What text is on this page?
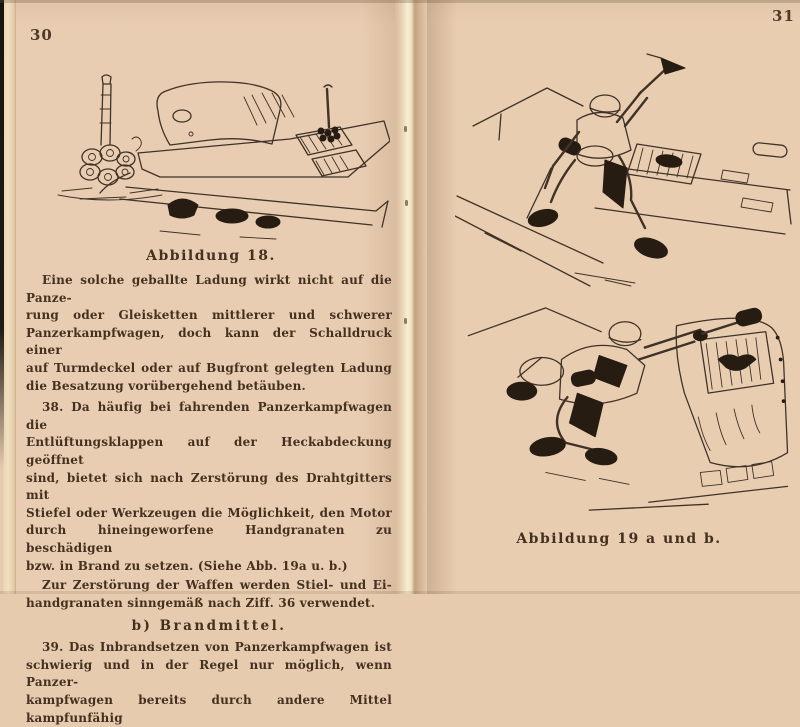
30
Abbildung 18.

Eine solche geballte Ladung wirkt nicht auf die Panze-
rung oder Gleisketten mittlerer und schwerer
Panzerkampfwagen, doch kann der Schalldruck einer
auf Turmdeckel oder auf Bugfront gelegten Ladung
die Besatzung vorübergehend betäuben.

38. Da häufig bei fahrenden Panzerkampfwagen die
Entlüftungsklappen auf der Heckabdeckung geöffnet
sind, bietet sich nach Zerstörung des Drahtgitters mit
Stiefel oder Werkzeugen die Möglichkeit, den Motor
durch hineingeworfene Handgranaten zu beschädigen
bzw. in Brand zu setzen. (Siehe Abb. 19a u. b.)

Zur Zerstörung der Waffen werden Stiel- und Ei-
handgranaten sinngemäß nach Ziff. 36 verwendet.

b) Brandmittel.

39. Das Inbrandsetzen von Panzerkampfwagen ist
schwierig und in der Regel nur möglich, wenn Panzer-
kampfwagen bereits durch andere Mittel kampfunfähig

31
Abbildung 19 a und b.
